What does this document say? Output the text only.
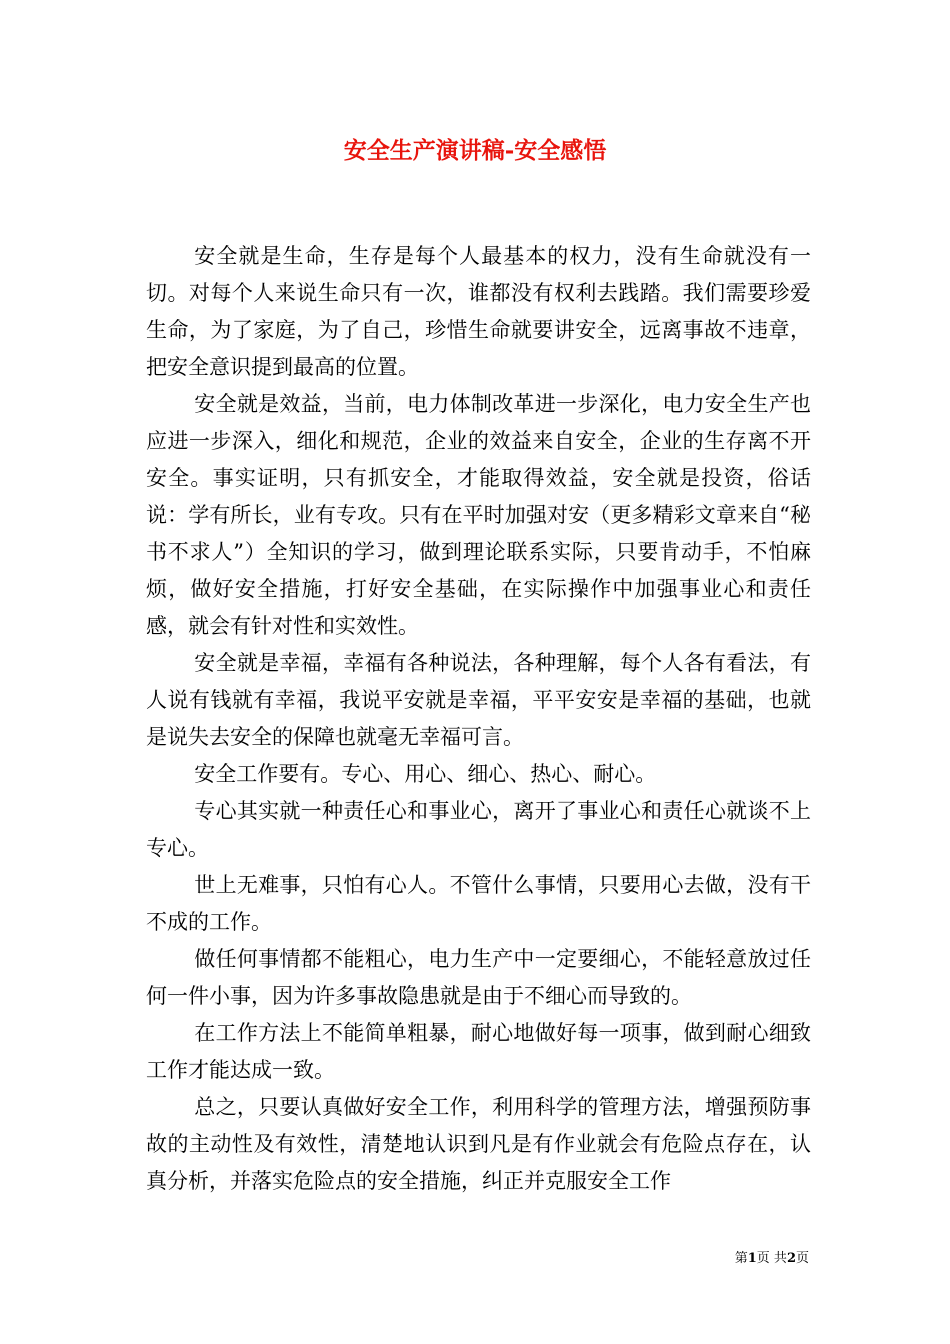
安全生产演讲稿-安全感悟

安全就是生命，生存是每个人最基本的权力，没有生命就没有一切。对每个人来说生命只有一次，谁都没有权利去践踏。我们需要珍爱生命，为了家庭，为了自己，珍惜生命就要讲安全，远离事故不违章，把安全意识提到最高的位置。

安全就是效益，当前，电力体制改革进一步深化，电力安全生产也应进一步深入，细化和规范，企业的效益来自安全，企业的生存离不开安全。事实证明，只有抓安全，才能取得效益，安全就是投资，俗话说：学有所长，业有专攻。只有在平时加强对安（更多精彩文章来自“秘书不求人”）全知识的学习，做到理论联系实际，只要肯动手，不怕麻烦，做好安全措施，打好安全基础，在实际操作中加强事业心和责任感，就会有针对性和实效性。

安全就是幸福，幸福有各种说法，各种理解，每个人各有看法，有人说有钱就有幸福，我说平安就是幸福，平平安安是幸福的基础，也就是说失去安全的保障也就毫无幸福可言。

安全工作要有。专心、用心、细心、热心、耐心。

专心其实就一种责任心和事业心，离开了事业心和责任心就谈不上专心。

世上无难事，只怕有心人。不管什么事情，只要用心去做，没有干不成的工作。

做任何事情都不能粗心，电力生产中一定要细心，不能轻意放过任何一件小事，因为许多事故隐患就是由于不细心而导致的。

在工作方法上不能简单粗暴，耐心地做好每一项事，做到耐心细致工作才能达成一致。

总之，只要认真做好安全工作，利用科学的管理方法，增强预防事故的主动性及有效性，清楚地认识到凡是有作业就会有危险点存在，认真分析，并落实危险点的安全措施，纠正并克服安全工作

第1页 共2页
